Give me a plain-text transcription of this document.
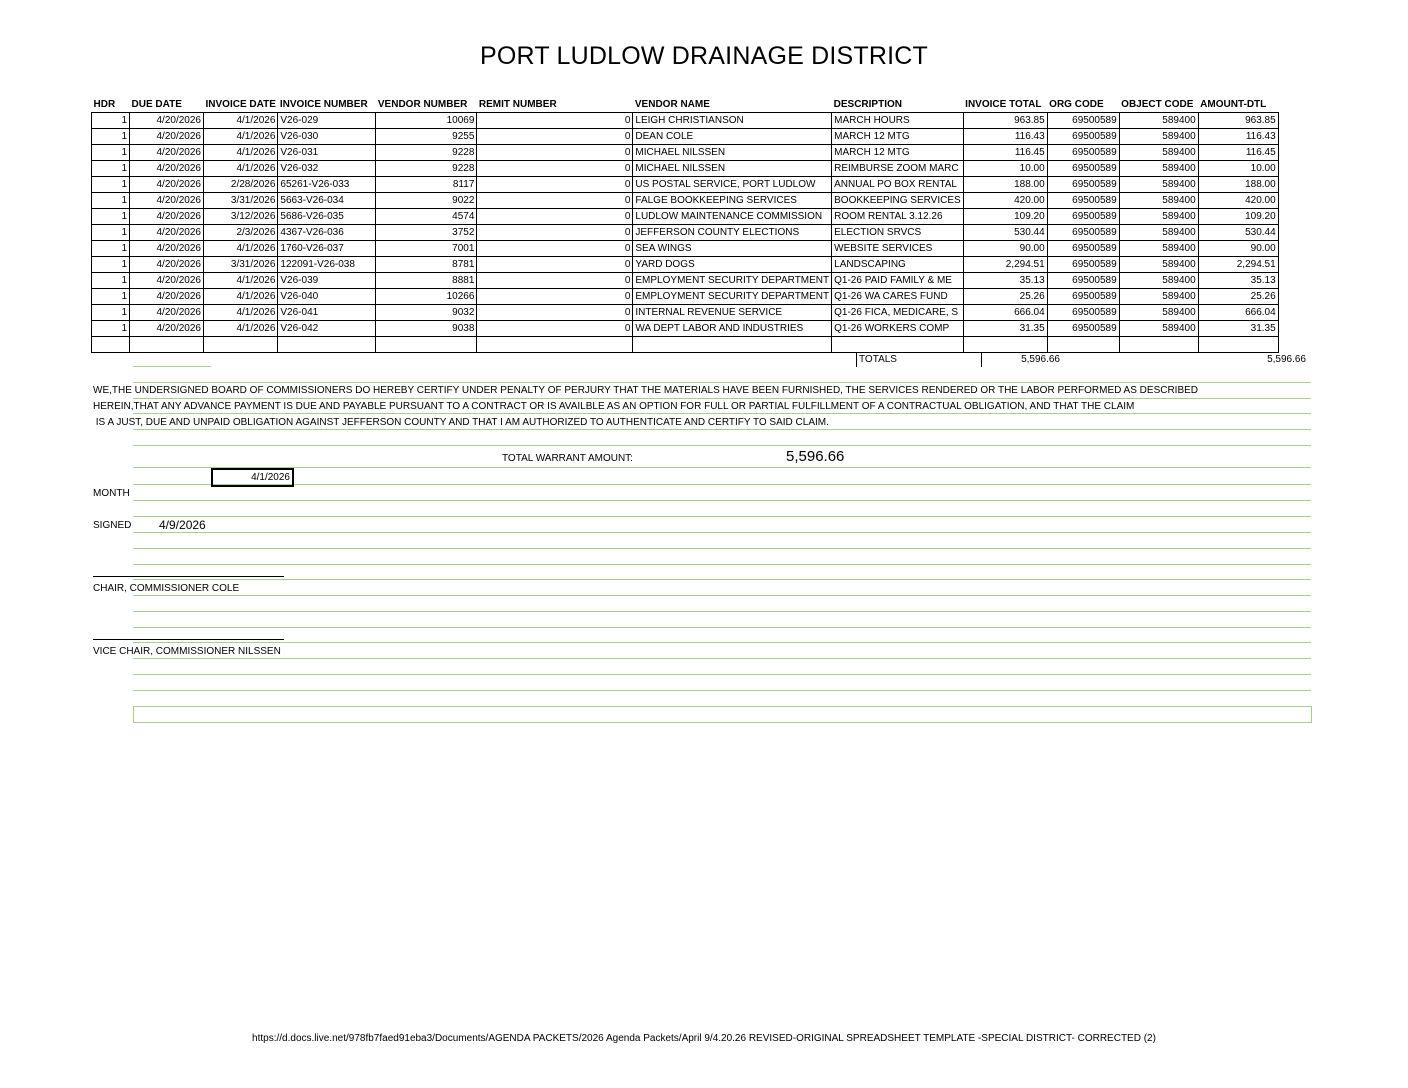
PORT LUDLOW DRAINAGE DISTRICT
HDR	DUE DATE	INVOICE DATE	INVOICE NUMBER	VENDOR NUMBER	REMIT NUMBER	VENDOR NAME	DESCRIPTION	INVOICE TOTAL	ORG CODE	OBJECT CODE	AMOUNT-DTL
1	4/20/2026	4/1/2026	V26-029	10069	0	LEIGH CHRISTIANSON	MARCH HOURS	963.85	69500589	589400	963.85
1	4/20/2026	4/1/2026	V26-030	9255	0	DEAN COLE	MARCH 12 MTG	116.43	69500589	589400	116.43
1	4/20/2026	4/1/2026	V26-031	9228	0	MICHAEL NILSSEN	MARCH 12 MTG	116.45	69500589	589400	116.45
1	4/20/2026	4/1/2026	V26-032	9228	0	MICHAEL NILSSEN	REIMBURSE ZOOM MARC	10.00	69500589	589400	10.00
1	4/20/2026	2/28/2026	65261-V26-033	8117	0	US POSTAL SERVICE, PORT LUDLOW	ANNUAL PO BOX RENTAL	188.00	69500589	589400	188.00
1	4/20/2026	3/31/2026	5663-V26-034	9022	0	FALGE BOOKKEEPING SERVICES	BOOKKEEPING SERVICES	420.00	69500589	589400	420.00
1	4/20/2026	3/12/2026	5686-V26-035	4574	0	LUDLOW MAINTENANCE COMMISSION	ROOM RENTAL 3.12.26	109.20	69500589	589400	109.20
1	4/20/2026	2/3/2026	4367-V26-036	3752	0	JEFFERSON COUNTY ELECTIONS	ELECTION SRVCS	530.44	69500589	589400	530.44
1	4/20/2026	4/1/2026	1760-V26-037	7001	0	SEA WINGS	WEBSITE SERVICES	90.00	69500589	589400	90.00
1	4/20/2026	3/31/2026	122091-V26-038	8781	0	YARD DOGS	LANDSCAPING	2,294.51	69500589	589400	2,294.51
1	4/20/2026	4/1/2026	V26-039	8881	0	EMPLOYMENT SECURITY DEPARTMENT	Q1-26 PAID FAMILY & ME	35.13	69500589	589400	35.13
1	4/20/2026	4/1/2026	V26-040	10266	0	EMPLOYMENT SECURITY DEPARTMENT	Q1-26 WA CARES FUND	25.26	69500589	589400	25.26
1	4/20/2026	4/1/2026	V26-041	9032	0	INTERNAL REVENUE SERVICE	Q1-26 FICA, MEDICARE, S	666.04	69500589	589400	666.04
1	4/20/2026	4/1/2026	V26-042	9038	0	WA DEPT LABOR AND INDUSTRIES	Q1-26 WORKERS COMP	31.35	69500589	589400	31.35

TOTALS	5,596.66	5,596.66
WE,THE UNDERSIGNED BOARD OF COMMISSIONERS DO HEREBY CERTIFY UNDER PENALTY OF PERJURY THAT THE MATERIALS HAVE BEEN FURNISHED, THE SERVICES RENDERED OR THE LABOR PERFORMED AS DESCRIBED
HEREIN,THAT ANY ADVANCE PAYMENT IS DUE AND PAYABLE PURSUANT TO A CONTRACT OR IS AVAILBLE AS AN OPTION FOR FULL OR PARTIAL FULFILLMENT OF A CONTRACTUAL OBLIGATION, AND THAT THE CLAIM
IS A JUST, DUE AND UNPAID OBLIGATION AGAINST JEFFERSON COUNTY AND THAT I AM AUTHORIZED TO AUTHENTICATE AND CERTIFY TO SAID CLAIM.
TOTAL WARRANT AMOUNT:	5,596.66
4/1/2026
MONTH
SIGNED 4/9/2026
CHAIR, COMMISSIONER COLE
VICE CHAIR, COMMISSIONER NILSSEN
https://d.docs.live.net/978fb7faed91eba3/Documents/AGENDA PACKETS/2026 Agenda Packets/April 9/4.20.26 REVISED-ORIGINAL SPREADSHEET TEMPLATE -SPECIAL DISTRICT- CORRECTED (2)
